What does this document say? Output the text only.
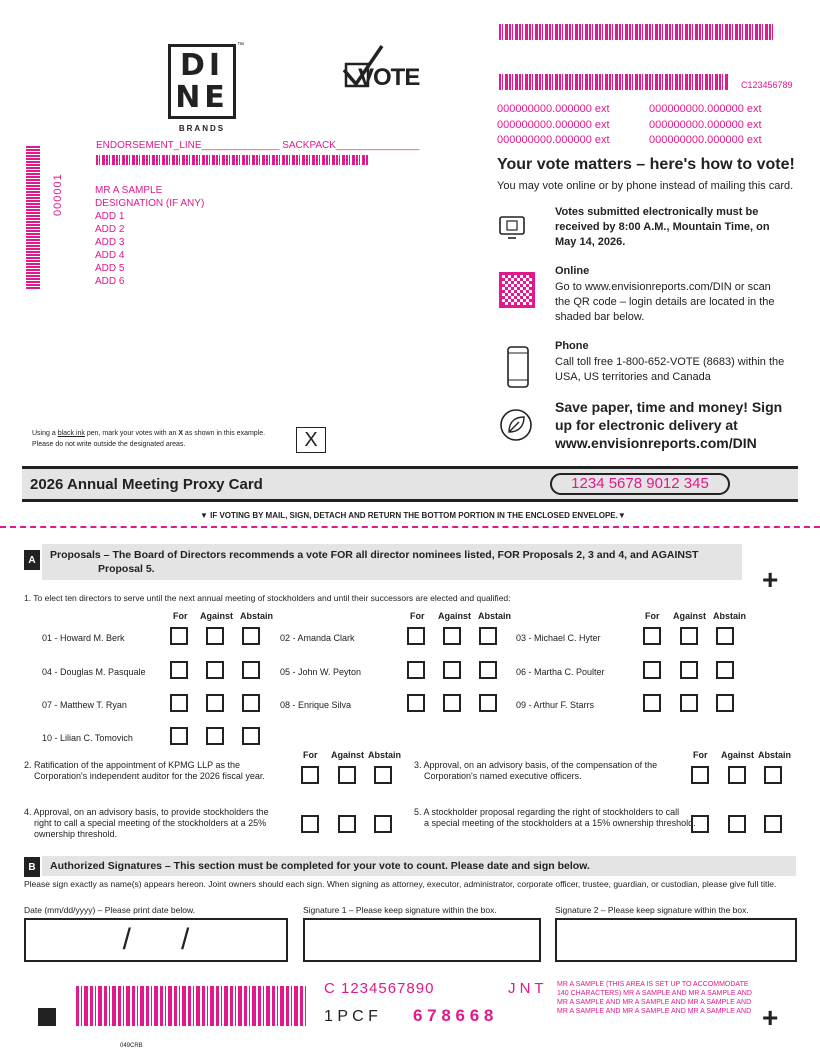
C123456789
000000000.000000 ext	000000000.000000 ext
000000000.000000 ext	000000000.000000 ext
000000000.000000 ext	000000000.000000 ext
DI
NE
™
BRANDS
VOTE
ENDORSEMENT_LINE______________ SACKPACK_______________
000001	MR A SAMPLE
DESIGNATION (IF ANY)
ADD 1
ADD 2
ADD 3
ADD 4
ADD 5
ADD 6
Using a black ink pen, mark your votes with an X as shown in this example.
Please do not write outside the designated areas.	X
Your vote matters – here's how to vote!
You may vote online or by phone instead of mailing this card.
Votes submitted electronically must be received by 8:00 A.M., Mountain Time, on May 14, 2026.
Online
Go to www.envisionreports.com/DIN or scan the QR code – login details are located in the shaded bar below.
Phone
Call toll free 1-800-652-VOTE (8683) within the USA, US territories and Canada
Save paper, time and money! Sign up for electronic delivery at www.envisionreports.com/DIN
2026 Annual Meeting Proxy Card	1234 5678 9012 345
▼ IF VOTING BY MAIL, SIGN, DETACH AND RETURN THE BOTTOM PORTION IN THE ENCLOSED ENVELOPE.▼
A	Proposals – The Board of Directors recommends a vote FOR all director nominees listed, FOR Proposals 2, 3 and 4, and AGAINST
Proposal 5.	+
1. To elect ten directors to serve until the next annual meeting of stockholders and until their successors are elected and qualified:
For Against Abstain	For Against Abstain	For Against Abstain
01 - Howard M. Berk	02 - Amanda Clark	03 - Michael C. Hyter
04 - Douglas M. Pasquale	05 - John W. Peyton	06 - Martha C. Poulter
07 - Matthew T. Ryan	08 - Enrique Silva	09 - Arthur F. Starrs
10 - Lilian C. Tomovich
For Against Abstain	For Against Abstain
2. Ratification of the appointment of KPMG LLP as the
Corporation's independent auditor for the 2026 fiscal year.
3. Approval, on an advisory basis, of the compensation of the
Corporation's named executive officers.
4. Approval, on an advisory basis, to provide stockholders the
right to call a special meeting of the stockholders at a 25%
ownership threshold.
5. A stockholder proposal regarding the right of stockholders to call
a special meeting of the stockholders at a 15% ownership threshold.
B	Authorized Signatures – This section must be completed for your vote to count. Please date and sign below.
Please sign exactly as name(s) appears hereon. Joint owners should each sign. When signing as attorney, executor, administrator, corporate officer, trustee, guardian, or custodian, please give full title.
Date (mm/dd/yyyy) – Please print date below.	Signature 1 – Please keep signature within the box.	Signature 2 – Please keep signature within the box.
/      /
049CRB
C 1234567890	J N T
1 P C F 6 7 8 6 6 8
MR A SAMPLE (THIS AREA IS SET UP TO ACCOMMODATE 140 CHARACTERS) MR A SAMPLE AND MR A SAMPLE AND MR A SAMPLE AND MR A SAMPLE AND MR A SAMPLE AND MR A SAMPLE AND MR A SAMPLE AND MR A SAMPLE AND +
